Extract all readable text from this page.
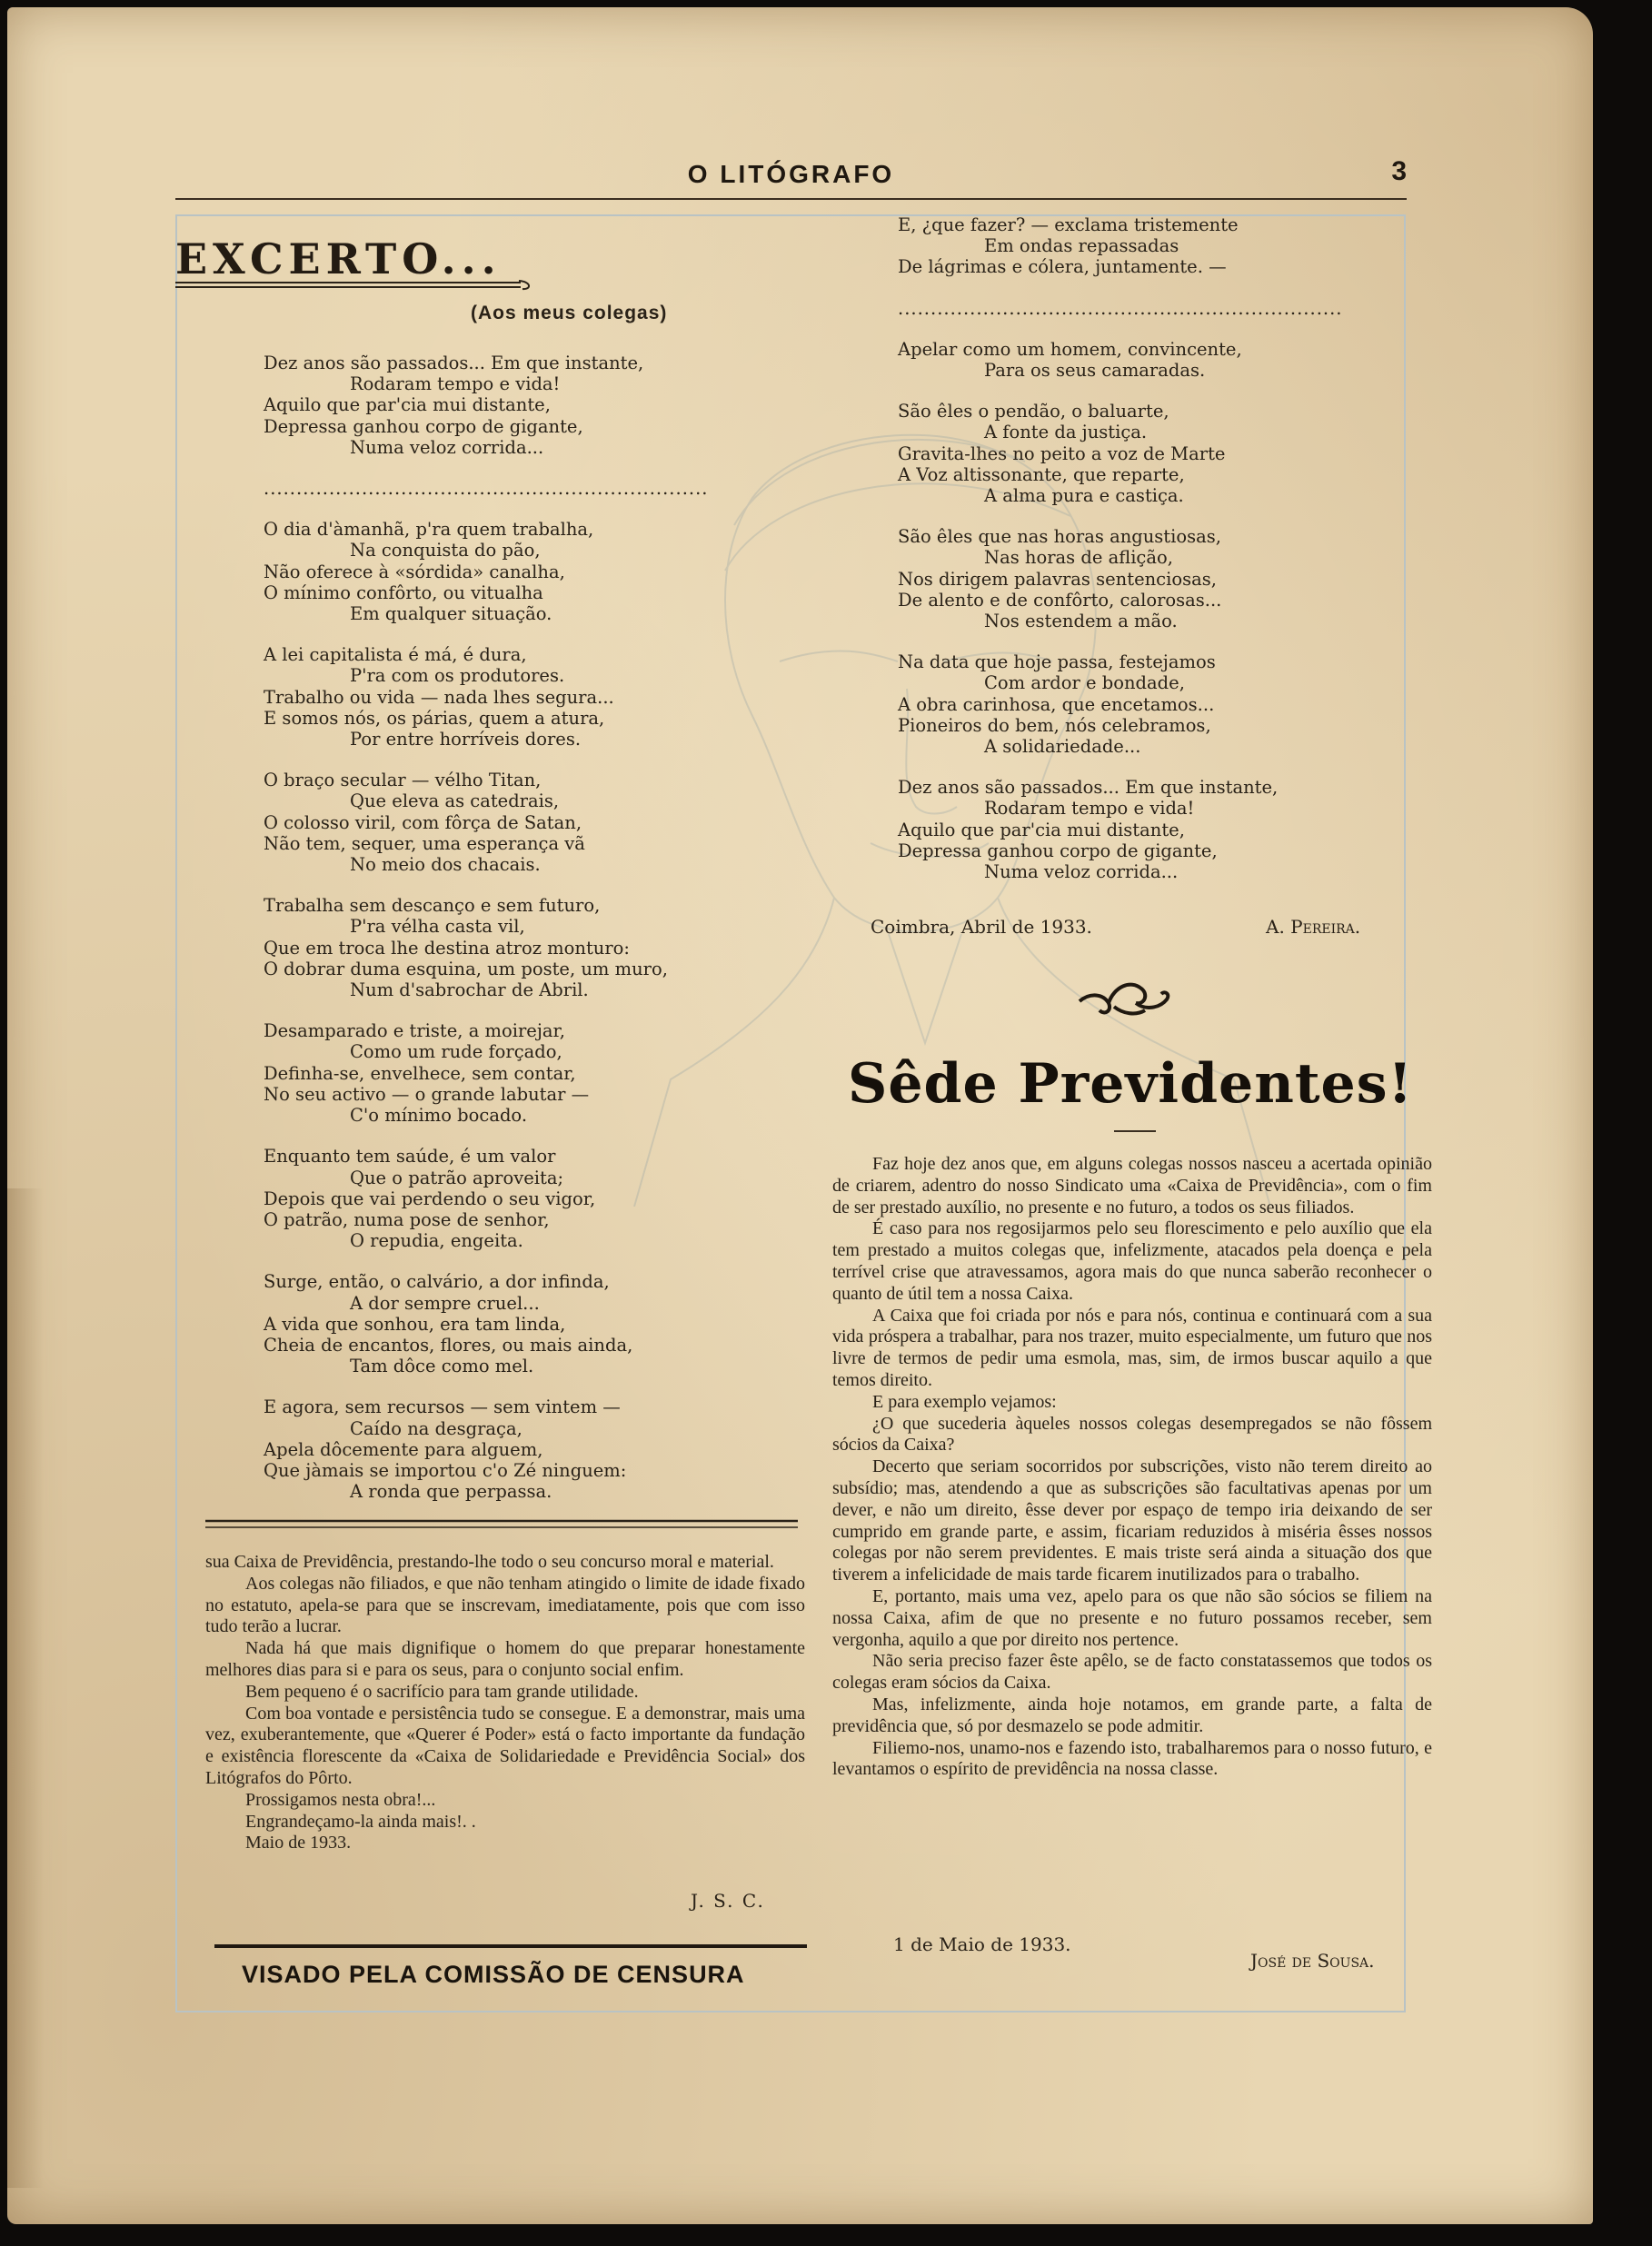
O LITÓGRAFO	3
EXCERTO...
(Aos meus colegas)
Dez anos são passados... Em que instante,
Rodaram tempo e vida!
Aquilo que par'cia mui distante,
Depressa ganhou corpo de gigante,
Numa veloz corrida...
....................................................................
O dia d'àmanhã, p'ra quem trabalha,
Na conquista do pão,
Não oferece à «sórdida» canalha,
O mínimo confôrto, ou vitualha
Em qualquer situação.
A lei capitalista é má, é dura,
P'ra com os produtores.
Trabalho ou vida — nada lhes segura...
E somos nós, os párias, quem a atura,
Por entre horríveis dores.
O braço secular — vélho Titan,
Que eleva as catedrais,
O colosso viril, com fôrça de Satan,
Não tem, sequer, uma esperança vã
No meio dos chacais.
Trabalha sem descanço e sem futuro,
P'ra vélha casta vil,
Que em troca lhe destina atroz monturo:
O dobrar duma esquina, um poste, um muro,
Num d'sabrochar de Abril.
Desamparado e triste, a moirejar,
Como um rude forçado,
Definha-se, envelhece, sem contar,
No seu activo — o grande labutar —
C'o mínimo bocado.
Enquanto tem saúde, é um valor
Que o patrão aproveita;
Depois que vai perdendo o seu vigor,
O patrão, numa pose de senhor,
O repudia, engeita.
Surge, então, o calvário, a dor infinda,
A dor sempre cruel...
A vida que sonhou, era tam linda,
Cheia de encantos, flores, ou mais ainda,
Tam dôce como mel.
E agora, sem recursos — sem vintem —
Caído na desgraça,
Apela dôcemente para alguem,
Que jàmais se importou c'o Zé ninguem:
A ronda que perpassa.

sua Caixa de Previdência, prestando-lhe todo o seu concurso moral e material.

Aos colegas não filiados, e que não tenham atingido o limite de idade fixado no estatuto, apela-se para que se inscrevam, imediatamente, pois que com isso tudo terão a lucrar.

Nada há que mais dignifique o homem do que preparar honestamente melhores dias para si e para os seus, para o conjunto social enfim.

Bem pequeno é o sacrifício para tam grande utilidade.

Com boa vontade e persistência tudo se consegue. E a demonstrar, mais uma vez, exuberantemente, que «Querer é Poder» está o facto importante da fundação e existência florescente da «Caixa de Solidariedade e Previdência Social» dos Litógrafos do Pôrto.

Prossigamos nesta obra!...

Engrandeçamo-la ainda mais!. .

Maio de 1933.

J. S. C.
VISADO PELA COMISSÃO DE CENSURA
E, ¿que fazer? — exclama tristemente
Em ondas repassadas
De lágrimas e cólera, juntamente. —
....................................................................
Apelar como um homem, convincente,
Para os seus camaradas.
São êles o pendão, o baluarte,
A fonte da justiça.
Gravita-lhes no peito a voz de Marte
A Voz altissonante, que reparte,
A alma pura e castiça.
São êles que nas horas angustiosas,
Nas horas de aflição,
Nos dirigem palavras sentenciosas,
De alento e de confôrto, calorosas...
Nos estendem a mão.
Na data que hoje passa, festejamos
Com ardor e bondade,
A obra carinhosa, que encetamos...
Pioneiros do bem, nós celebramos,
A solidariedade...
Dez anos são passados... Em que instante,
Rodaram tempo e vida!
Aquilo que par'cia mui distante,
Depressa ganhou corpo de gigante,
Numa veloz corrida...
Coimbra, Abril de 1933.	A. Pereira.
Sêde Previdentes!

Faz hoje dez anos que, em alguns colegas nossos nasceu a acertada opinião de criarem, adentro do nosso Sindicato uma «Caixa de Previdência», com o fim de ser prestado auxílio, no presente e no futuro, a todos os seus filiados.

É caso para nos regosijarmos pelo seu florescimento e pelo auxílio que ela tem prestado a muitos colegas que, infelizmente, atacados pela doença e pela terrível crise que atravessamos, agora mais do que nunca saberão reconhecer o quanto de útil tem a nossa Caixa.

A Caixa que foi criada por nós e para nós, continua e continuará com a sua vida próspera a trabalhar, para nos trazer, muito especialmente, um futuro que nos livre de termos de pedir uma esmola, mas, sim, de irmos buscar aquilo a que temos direito.

E para exemplo vejamos:

¿O que sucederia àqueles nossos colegas desempregados se não fôssem sócios da Caixa?

Decerto que seriam socorridos por subscrições, visto não terem direito ao subsídio; mas, atendendo a que as subscrições são facultativas apenas por um dever, e não um direito, êsse dever por espaço de tempo iria deixando de ser cumprido em grande parte, e assim, ficariam reduzidos à miséria êsses nossos colegas por não serem previdentes. E mais triste será ainda a situação dos que tiverem a infelicidade de mais tarde ficarem inutilizados para o trabalho.

E, portanto, mais uma vez, apelo para os que não são sócios se filiem na nossa Caixa, afim de que no presente e no futuro possamos receber, sem vergonha, aquilo a que por direito nos pertence.

Não seria preciso fazer êste apêlo, se de facto constatassemos que todos os colegas eram sócios da Caixa.

Mas, infelizmente, ainda hoje notamos, em grande parte, a falta de previdência que, só por desmazelo se pode admitir.

Filiemo-nos, unamo-nos e fazendo isto, trabalharemos para o nosso futuro, e levantamos o espírito de previdência na nossa classe.

1 de Maio de 1933.
José de Sousa.
